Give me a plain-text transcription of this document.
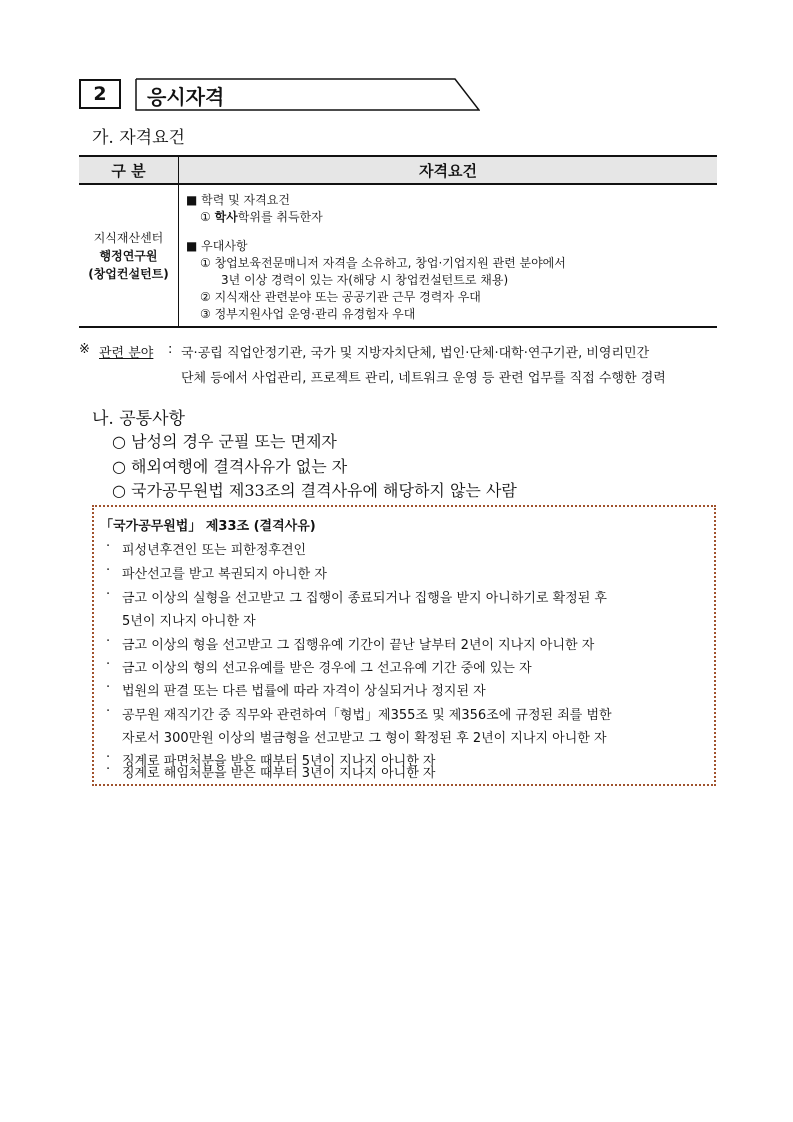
2 응시자격
가. 자격요건
구 분	자격요건
지식재산센터
행정연구원
(창업컨설턴트)
■ 학력 및 자격요건
① 학사학위를 취득한자
■ 우대사항
① 창업보육전문매니저 자격을 소유하고, 창업·기업지원 관련 분야에서
3년 이상 경력이 있는 자(해당 시 창업컨설턴트로 채용)
② 지식재산 관련분야 또는 공공기관 근무 경력자 우대
③ 정부지원사업 운영·관리 유경험자 우대
※ 관련 분야 : 국·공립 직업안정기관, 국가 및 지방자치단체, 법인·단체·대학·연구기관, 비영리민간
단체 등에서 사업관리, 프로젝트 관리, 네트워크 운영 등 관련 업무를 직접 수행한 경력
나. 공통사항
○ 남성의 경우 군필 또는 면제자
○ 해외여행에 결격사유가 없는 자
○ 국가공무원법 제33조의 결격사유에 해당하지 않는 사람
「국가공무원법」 제33조 (결격사유)
· 피성년후견인 또는 피한정후견인
· 파산선고를 받고 복권되지 아니한 자
· 금고 이상의 실형을 선고받고 그 집행이 종료되거나 집행을 받지 아니하기로 확정된 후
5년이 지나지 아니한 자
· 금고 이상의 형을 선고받고 그 집행유예 기간이 끝난 날부터 2년이 지나지 아니한 자
· 금고 이상의 형의 선고유예를 받은 경우에 그 선고유예 기간 중에 있는 자
· 법원의 판결 또는 다른 법률에 따라 자격이 상실되거나 정지된 자
· 공무원 재직기간 중 직무와 관련하여「형법」제355조 및 제356조에 규정된 죄를 범한
자로서 300만원 이상의 벌금형을 선고받고 그 형이 확정된 후 2년이 지나지 아니한 자
· 징계로 파면처분을 받은 때부터 5년이 지나지 아니한 자
· 징계로 해임처분을 받은 때부터 3년이 지나지 아니한 자
